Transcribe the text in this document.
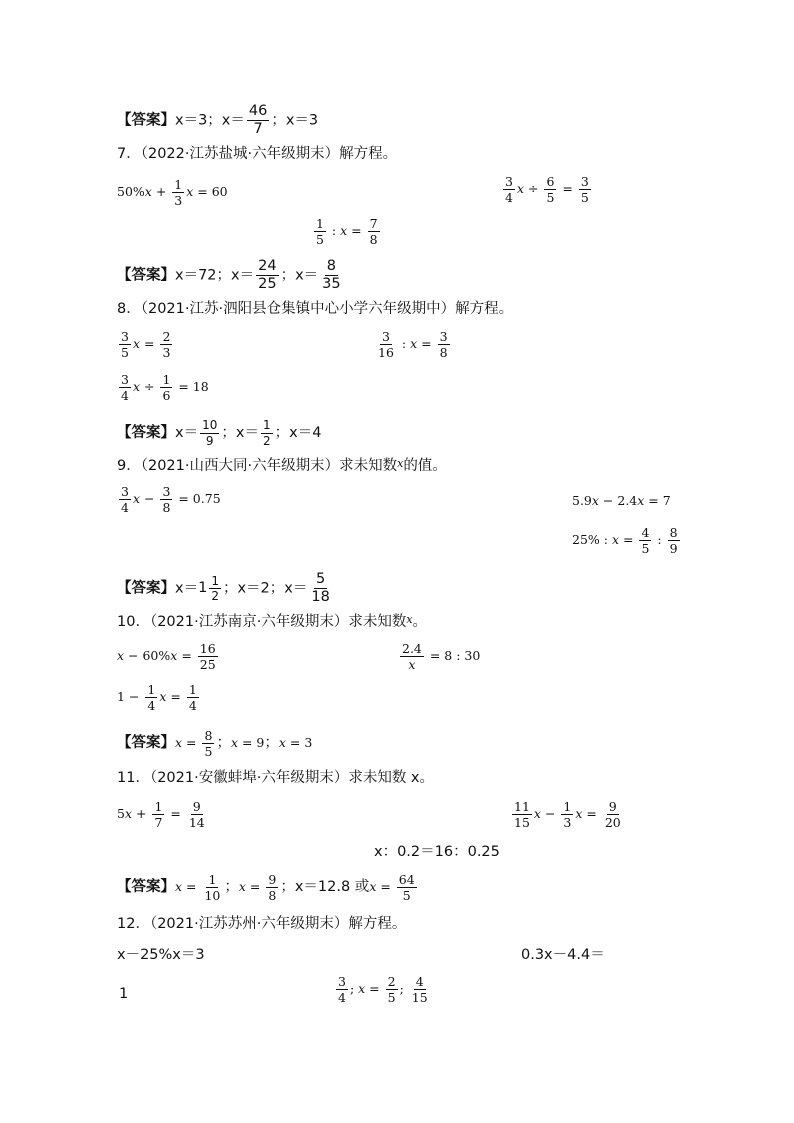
【答案】x＝3；$x= \frac{46}{7}$ ；x＝3
7．（2022·江苏盐城·六年级期末）解方程。
$50\%x + \frac{1}{3}$ x = 60	$\frac{3}{4}$ $x \div \frac{6}{5} = \frac{3}{5}$
$\frac{1}{5}$ : $x = \frac{7}{8}$
【答案】x＝72；$x= \frac{24}{25}$ ；$x= \frac{8}{35}$
8．（2021·江苏·泗阳县仓集镇中心小学六年级期中）解方程。
$\frac{3}{5}$ $x = \frac{2}{3}$	$\frac{3}{16}$ : $x = \frac{3}{8}$
$\frac{3}{4}$ $x \div \frac{1}{6} = 18$
【答案】$x= \frac{10}{9}$ ；$x= \frac{1}{2}$ ；x＝4
9．（2021·山西大同·六年级期末）求未知数$^x$的值。
$\frac{3}{4}$ $x - \frac{3}{8} = 0.75$	5.9x − 2.4x = 7
25% : $x = \frac{4}{5}$ : $\frac{8}{9}$
【答案】$x= 1 \frac{1}{2}$ ；x＝2；$x= \frac{5}{18}$
10．（2021·江苏南京·六年级期末）求未知数$^x$。
$x - 60\%x = \frac{16}{25}$	$\frac{2.4}{x} = 8$ : 30
$1 - \frac{1}{4}$ $x = \frac{1}{4}$
【答案】$x = \frac{8}{5}$ ；x = 9；x = 3
11．（2021·安徽蚌埠·六年级期末）求未知数 x。
$5x + \frac{1}{7} = \frac{9}{14}$	$\frac{11}{15}$ $x - \frac{1}{3}$ $x = \frac{9}{20}$
x：0.2＝16：0.25
【答案】$x = \frac{1}{10}$ ；$x = \frac{9}{8}$ ；x＝12.8 或$x = \frac{64}{5}$
12．（2021·江苏苏州·六年级期末）解方程。
x－25%x＝3	0.3x－4.4＝
1	$\frac{3}{4}$ ; $x = \frac{2}{5}$ ; $\frac{4}{15}$
